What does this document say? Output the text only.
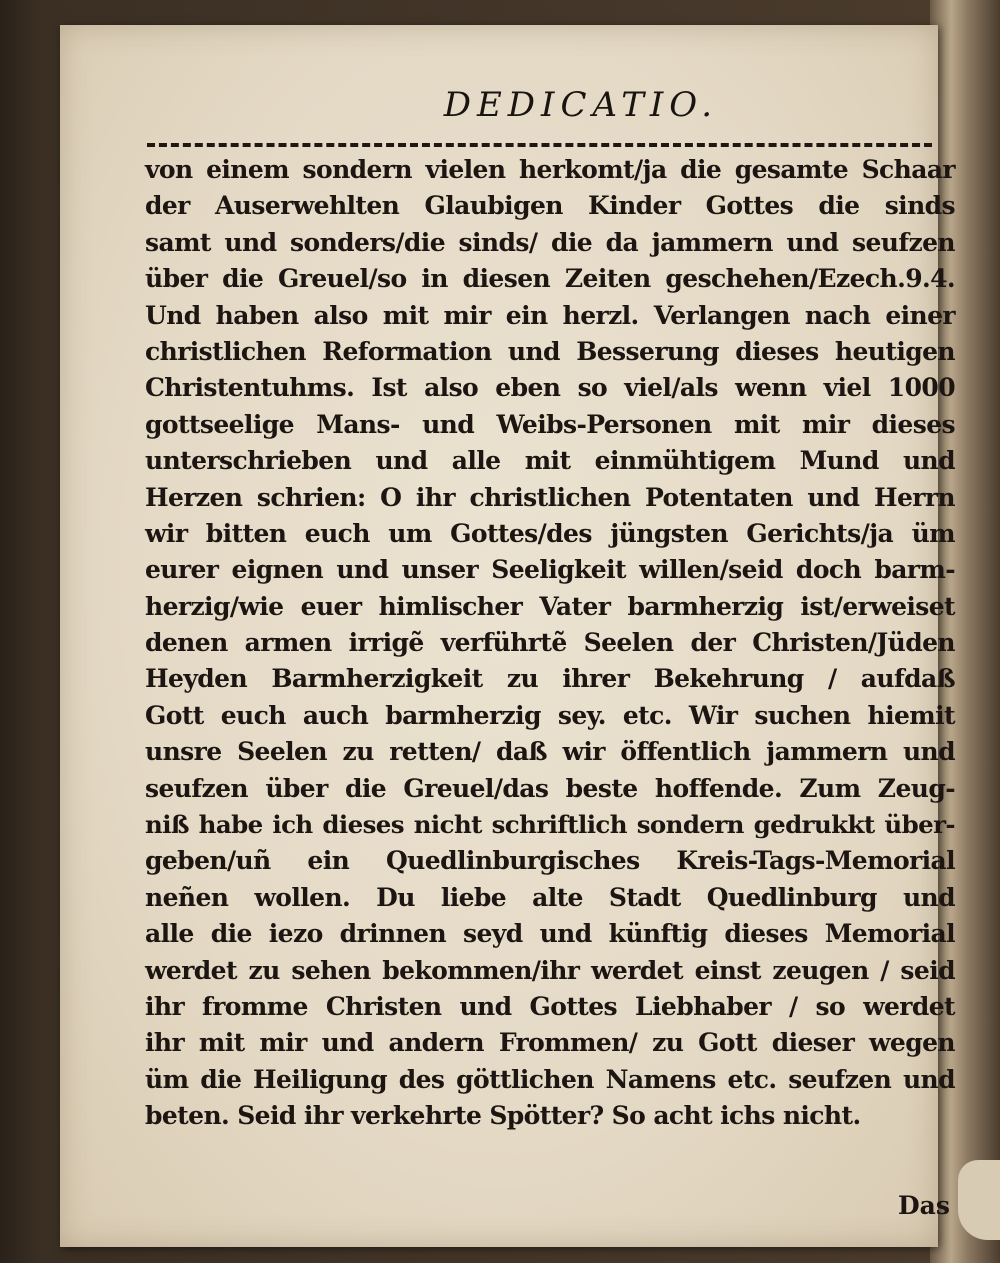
DEDICATIO.
von einem sondern vielen herkomt/ja die gesamte Schaar
der Auserwehlten Glaubigen Kinder Gottes die sinds
samt und sonders/die sinds/ die da jammern und seufzen
über die Greuel/so in diesen Zeiten geschehen/Ezech.9.4.
Und haben also mit mir ein herzl. Verlangen nach einer
christlichen Reformation und Besserung dieses heutigen
Christentuhms. Ist also eben so viel/als wenn viel 1000
gottseelige Mans- und Weibs-Personen mit mir dieses
unterschrieben und alle mit einmühtigem Mund und
Herzen schrien: O ihr christlichen Potentaten und Herrn
wir bitten euch um Gottes/des jüngsten Gerichts/ja üm
eurer eignen und unser Seeligkeit willen/seid doch barm-
herzig/wie euer himlischer Vater barmherzig ist/erweiset
denen armen irrigẽ verführtẽ Seelen der Christen/Jüden
Heyden Barmherzigkeit zu ihrer Bekehrung / aufdaß
Gott euch auch barmherzig sey. etc. Wir suchen hiemit
unsre Seelen zu retten/ daß wir öffentlich jammern und
seufzen über die Greuel/das beste hoffende. Zum Zeug-
niß habe ich dieses nicht schriftlich sondern gedrukkt über-
geben/uñ ein Quedlinburgisches Kreis-Tags-Memorial
neñen wollen. Du liebe alte Stadt Quedlinburg und
alle die iezo drinnen seyd und künftig dieses Memorial
werdet zu sehen bekommen/ihr werdet einst zeugen / seid
ihr fromme Christen und Gottes Liebhaber / so werdet
ihr mit mir und andern Frommen/ zu Gott dieser wegen
üm die Heiligung des göttlichen Namens etc. seufzen und
beten. Seid ihr verkehrte Spötter? So acht ichs nicht.
Das
